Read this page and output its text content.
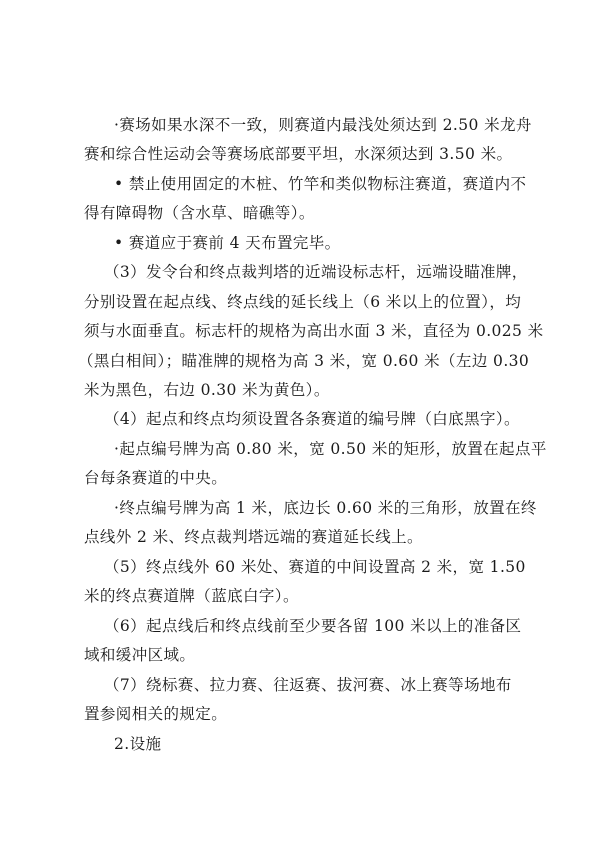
·赛场如果水深不一致，则赛道内最浅处须达到 2.50 米龙舟
赛和综合性运动会等赛场底部要平坦，水深须达到 3.50 米。
• 禁止使用固定的木桩、竹竿和类似物标注赛道，赛道内不
得有障碍物（含水草、暗礁等）。
• 赛道应于赛前 4 天布置完毕。
（3）发令台和终点裁判塔的近端设标志杆，远端设瞄准牌，
分别设置在起点线、终点线的延长线上（6 米以上的位置），均
须与水面垂直。标志杆的规格为高出水面 3 米，直径为 0.025 米
（黑白相间）；瞄准牌的规格为高 3 米，宽 0.60 米（左边 0.30
米为黑色，右边 0.30 米为黄色）。
（4）起点和终点均须设置各条赛道的编号牌（白底黑字）。
·起点编号牌为高 0.80 米，宽 0.50 米的矩形，放置在起点平
台每条赛道的中央。
·终点编号牌为高 1 米，底边长 0.60 米的三角形，放置在终
点线外 2 米、终点裁判塔远端的赛道延长线上。
（5）终点线外 60 米处、赛道的中间设置高 2 米，宽 1.50
米的终点赛道牌（蓝底白字）。
（6）起点线后和终点线前至少要各留 100 米以上的准备区
域和缓冲区域。
（7）绕标赛、拉力赛、往返赛、拔河赛、冰上赛等场地布
置参阅相关的规定。
2.设施
